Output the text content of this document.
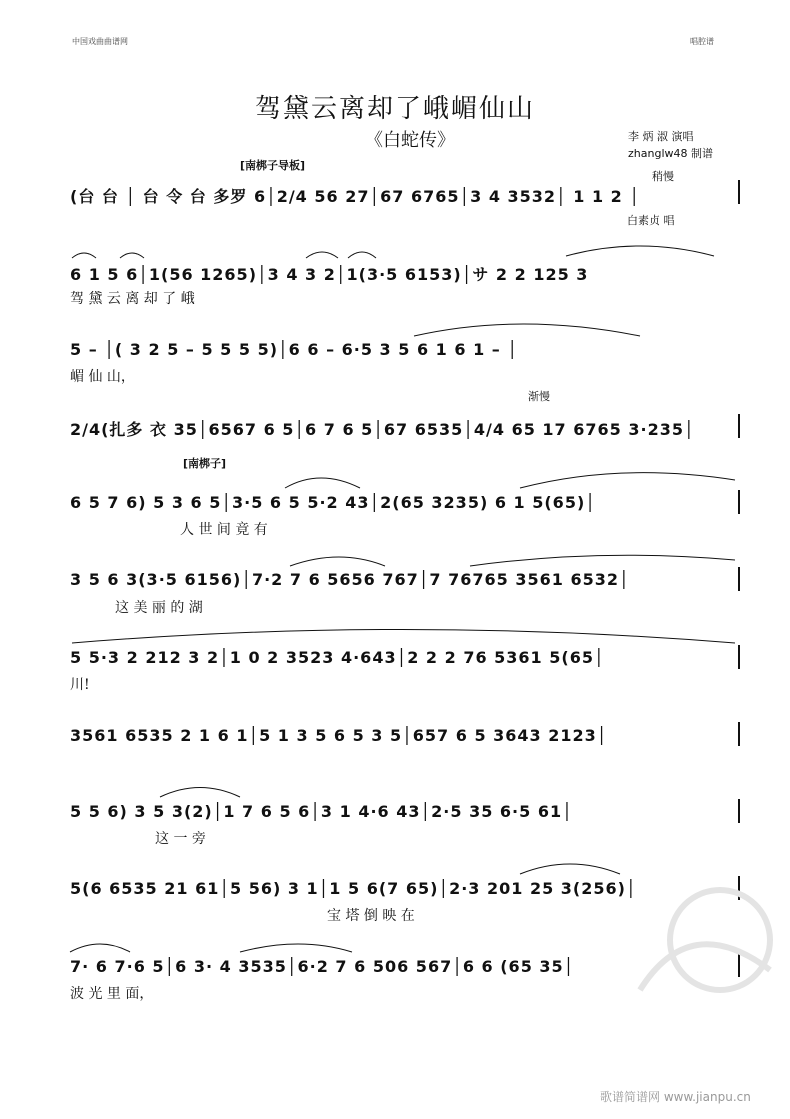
中国戏曲曲谱网	唱腔谱
驾黛云离却了峨嵋仙山
《白蛇传》	李 炳 淑 演唱
zhanglw48 制谱
[南梆子导板]
[南梆子]
稍慢
渐慢
白素贞 唱
(台 台 │ 台 令 台 多罗 6│2/4 56 27│67 6765│3 4 3532│ 1 1 2 │
6 1 5 6│1(56 1265)│3 4 3 2│1(3·5 6153)│サ 2 2 125 3
驾 黛 云 离 却 了 峨
5 – │( 3 2 5 – 5 5 5 5)│6 6 – 6·5 3 5 6 1 6 1 – │
嵋 仙 山，
2/4(扎多 衣 35│6567 6 5│6 7 6 5│67 6535│4/4 65 17 6765 3·235│
6 5 7 6) 5 3 6 5│3·5 6 5 5·2 43│2(65 3235) 6 1 5(65)│
人 世 间 竟 有
3 5 6 3(3·5 6156)│7·2 7 6 5656 767│7 76765 3561 6532│
这 美 丽 的 湖
5 5·3 2 212 3 2│1 0 2 3523 4·643│2 2 2 76 5361 5(65│
川!
3561 6535 2 1 6 1│5 1 3 5 6 5 3 5│657 6 5 3643 2123│
5 5 6) 3 5 3(2)│1 7 6 5 6│3 1 4·6 43│2·5 35 6·5 61│
这 一 旁
5(6 6535 21 61│5 56) 3 1│1 5 6(7 65)│2·3 201 25 3(256)│
宝 塔 倒 映 在
7· 6 7·6 5│6 3· 4 3535│6·2 7 6 506 567│6 6 (65 35│
波 光 里 面，
歌谱简谱网 www.jianpu.cn
